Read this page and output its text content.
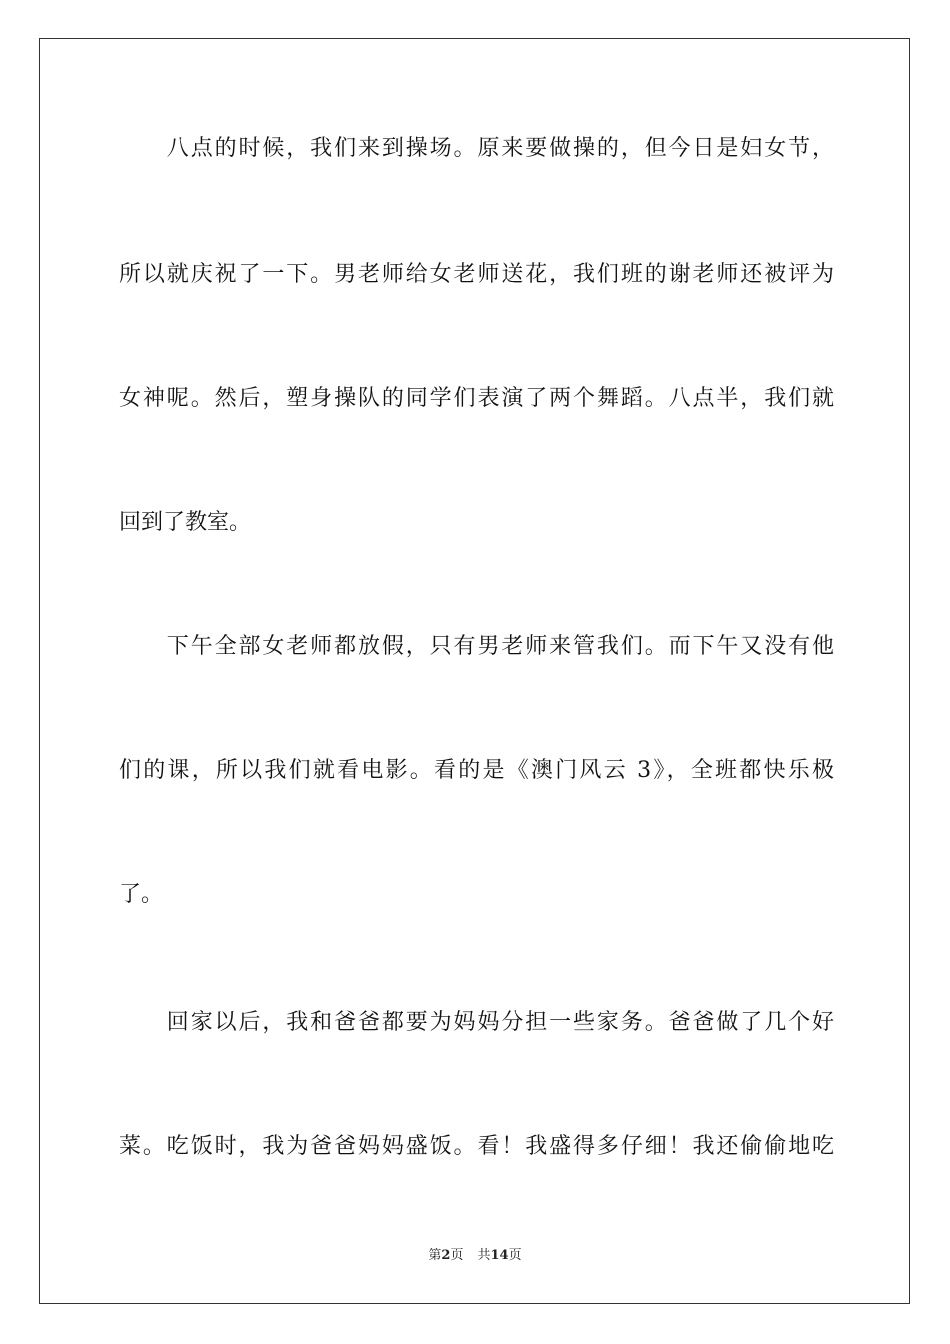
　　八点的时候，我们来到操场。原来要做操的，但今日是妇女节，
所以就庆祝了一下。男老师给女老师送花，我们班的谢老师还被评为
女神呢。然后，塑身操队的同学们表演了两个舞蹈。八点半，我们就
回到了教室。
　　下午全部女老师都放假，只有男老师来管我们。而下午又没有他
们的课，所以我们就看电影。看的是《澳门风云 3》，全班都快乐极
了。
　　回家以后，我和爸爸都要为妈妈分担一些家务。爸爸做了几个好
菜。吃饭时，我为爸爸妈妈盛饭。看！我盛得多仔细！我还偷偷地吃
第2页 共14页
